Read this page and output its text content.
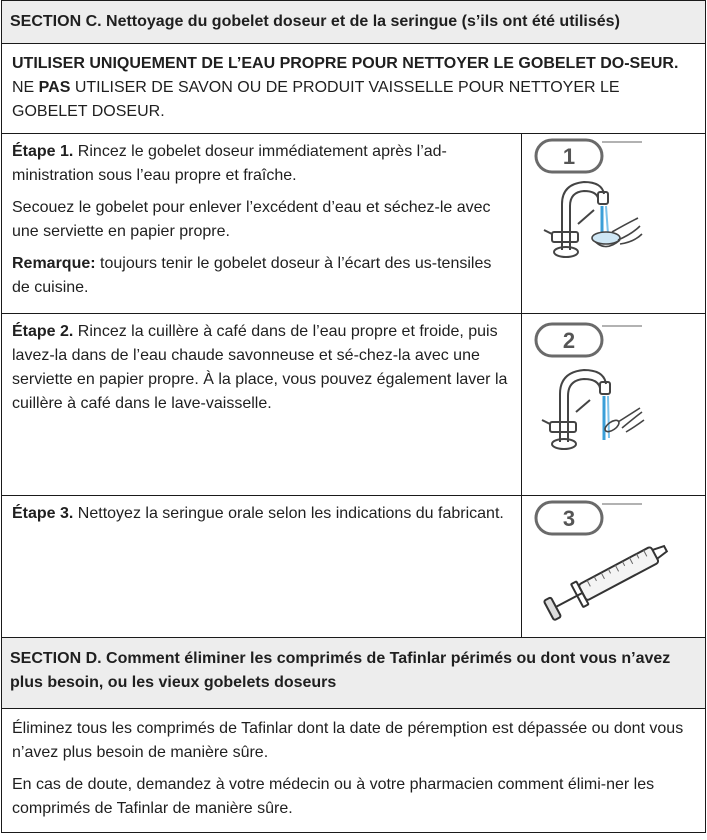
SECTION C. Nettoyage du gobelet doseur et de la seringue (s’ils ont été utilisés)

UTILISER UNIQUEMENT DE L’EAU PROPRE POUR NETTOYER LE GOBELET DO-SEUR. NE PAS UTILISER DE SAVON OU DE PRODUIT VAISSELLE POUR NETTOYER LE GOBELET DOSEUR.

Étape 1. Rincez le gobelet doseur immédiatement après l’ad-ministration sous l’eau propre et fraîche.

Secouez le gobelet pour enlever l’excédent d’eau et séchez-le avec une serviette en papier propre.

Remarque: toujours tenir le gobelet doseur à l’écart des us-tensiles de cuisine.

1

Étape 2. Rincez la cuillère à café dans de l’eau propre et froide, puis lavez-la dans de l’eau chaude savonneuse et sé-chez-la avec une serviette en papier propre. À la place, vous pouvez également laver la cuillère à café dans le lave-vaisselle.

2

Étape 3. Nettoyez la seringue orale selon les indications du fabricant.	3
SECTION D. Comment éliminer les comprimés de Tafinlar périmés ou dont vous n’avez plus besoin, ou les vieux gobelets doseurs

Éliminez tous les comprimés de Tafinlar dont la date de péremption est dépassée ou dont vous n’avez plus besoin de manière sûre.

En cas de doute, demandez à votre médecin ou à votre pharmacien comment élimi-ner les comprimés de Tafinlar de manière sûre.
